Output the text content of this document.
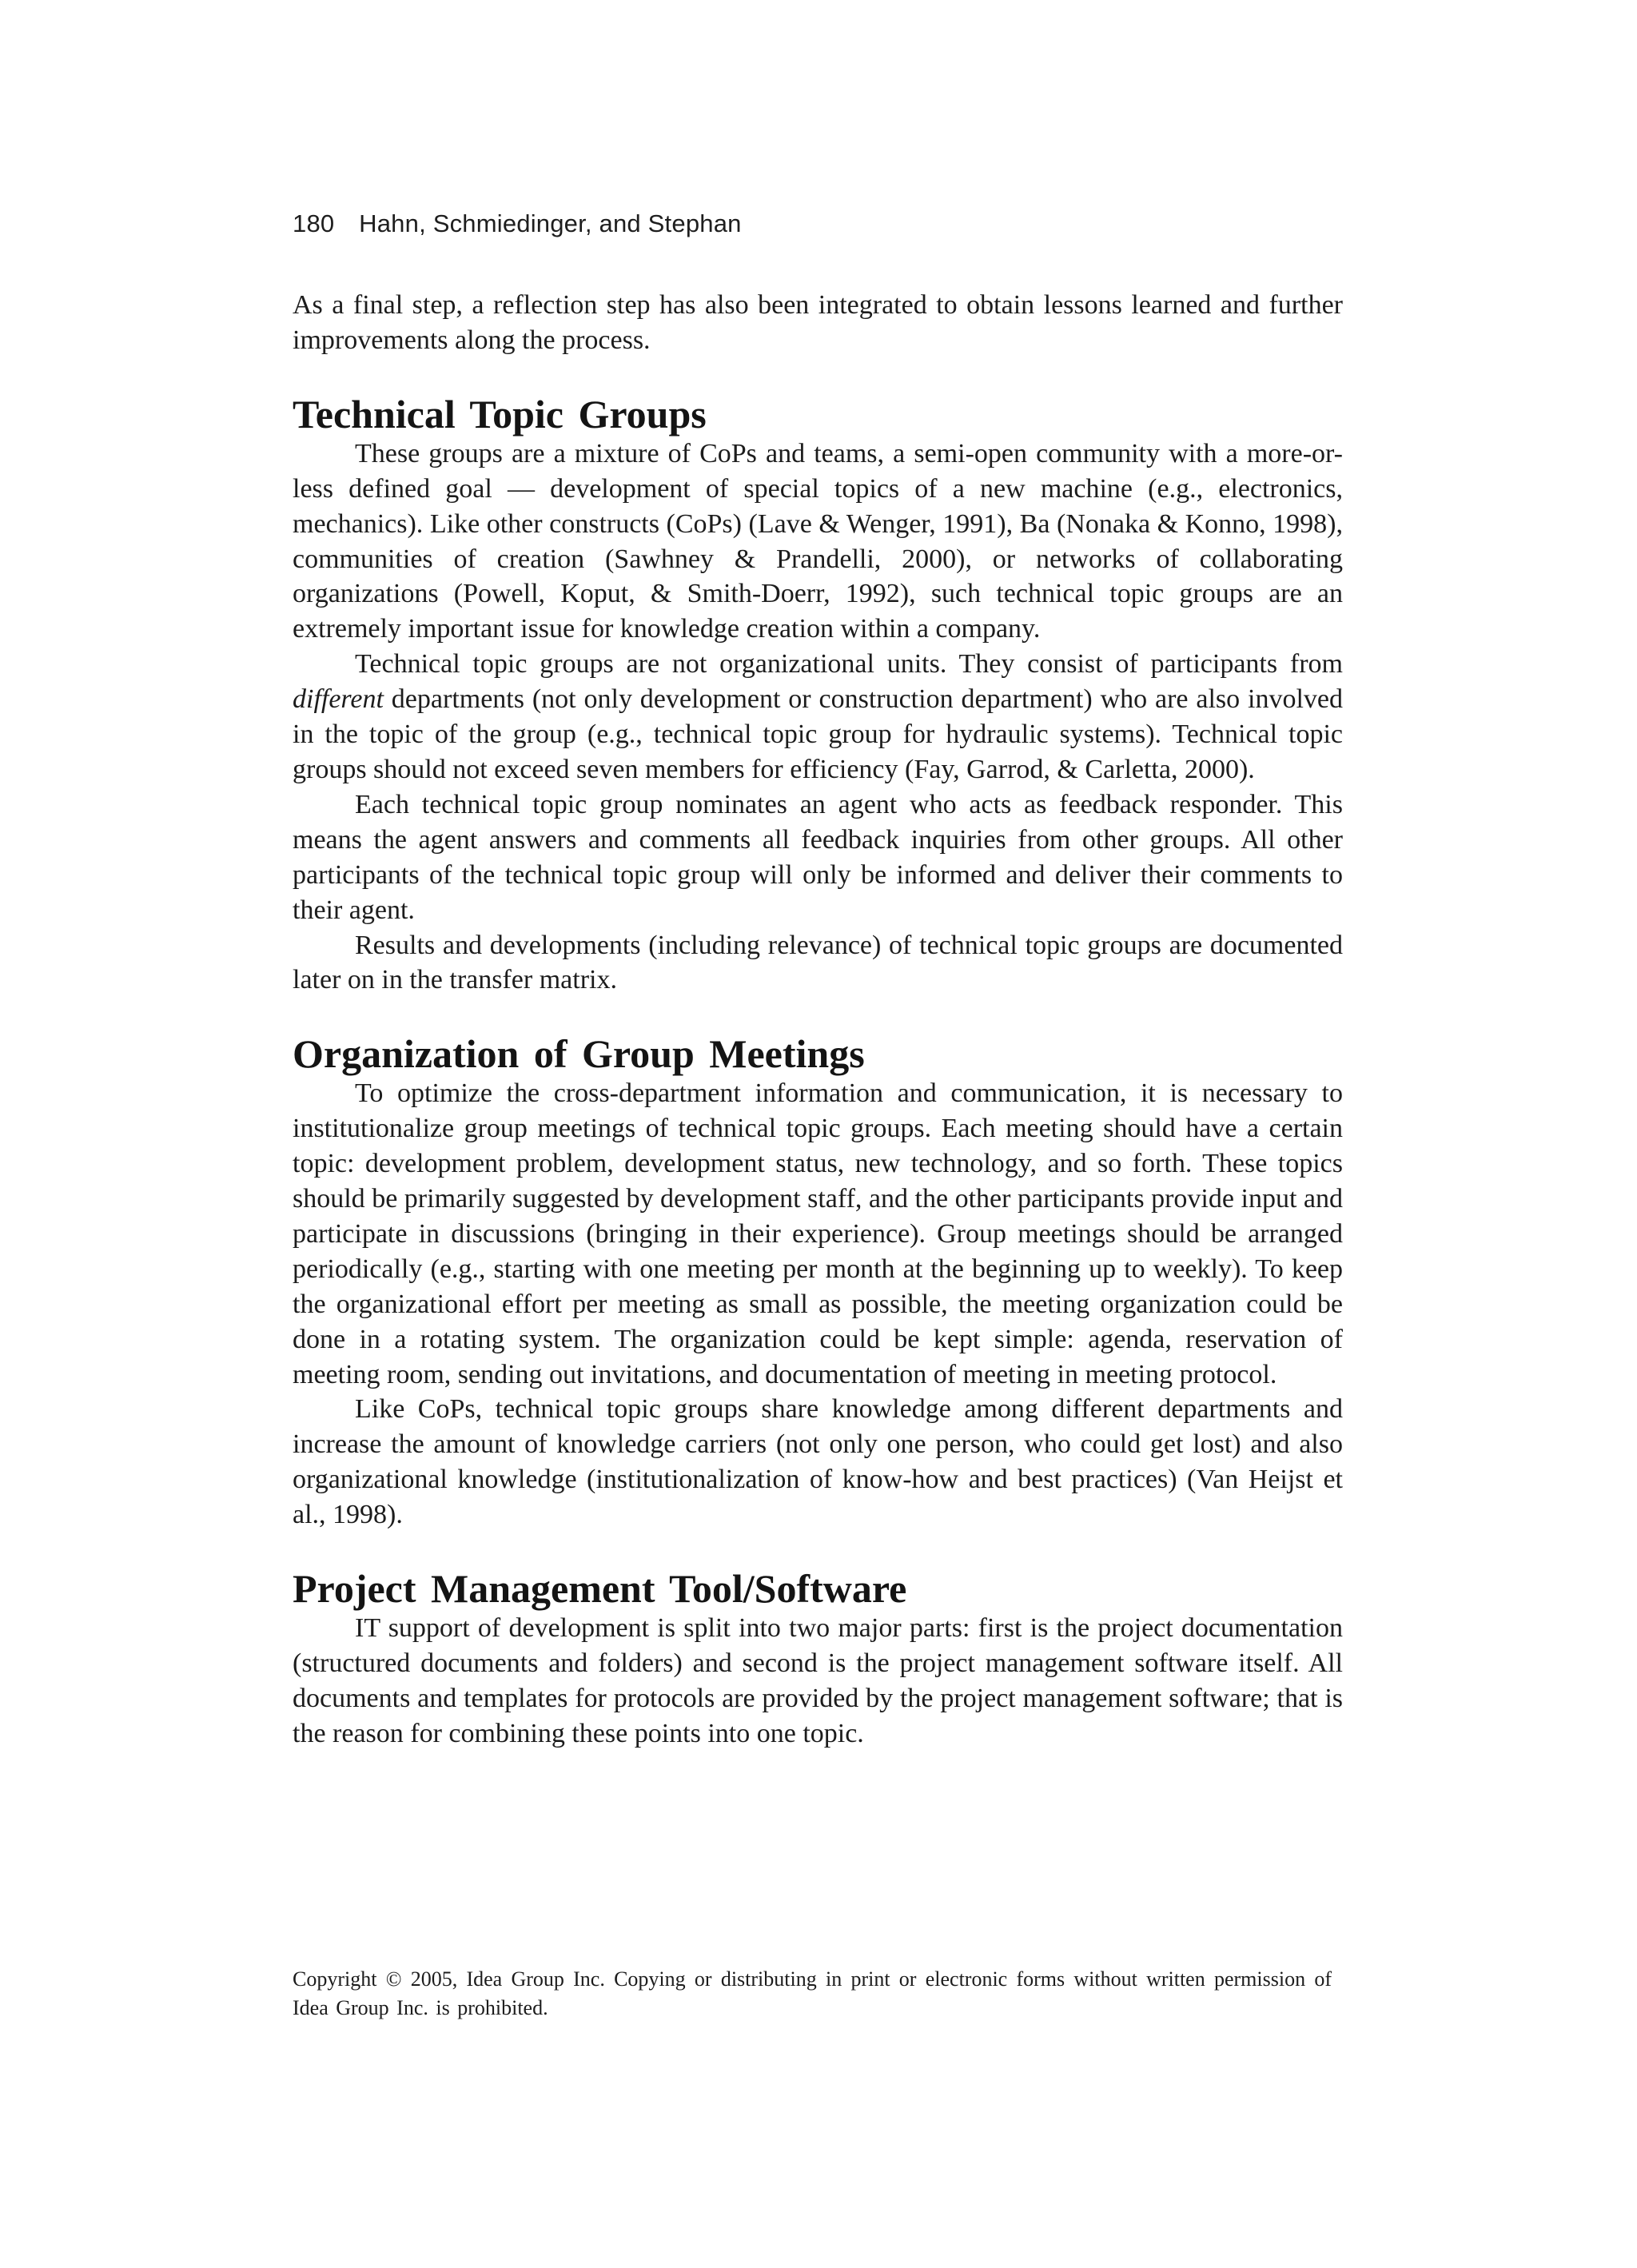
180 Hahn, Schmiedinger, and Stephan

As a final step, a reflection step has also been integrated to obtain lessons learned and further improvements along the process.

Technical Topic Groups

These groups are a mixture of CoPs and teams, a semi-open community with a more-or-less defined goal — development of special topics of a new machine (e.g., electronics, mechanics). Like other constructs (CoPs) (Lave & Wenger, 1991), Ba (Nonaka & Konno, 1998), communities of creation (Sawhney & Prandelli, 2000), or networks of collaborating organizations (Powell, Koput, & Smith-Doerr, 1992), such technical topic groups are an extremely important issue for knowledge creation within a company.

Technical topic groups are not organizational units. They consist of participants from different departments (not only development or construction department) who are also involved in the topic of the group (e.g., technical topic group for hydraulic systems). Technical topic groups should not exceed seven members for efficiency (Fay, Garrod, & Carletta, 2000).

Each technical topic group nominates an agent who acts as feedback responder. This means the agent answers and comments all feedback inquiries from other groups. All other participants of the technical topic group will only be informed and deliver their comments to their agent.

Results and developments (including relevance) of technical topic groups are documented later on in the transfer matrix.

Organization of Group Meetings

To optimize the cross-department information and communication, it is necessary to institutionalize group meetings of technical topic groups. Each meeting should have a certain topic: development problem, development status, new technology, and so forth. These topics should be primarily suggested by development staff, and the other participants provide input and participate in discussions (bringing in their experience). Group meetings should be arranged periodically (e.g., starting with one meeting per month at the beginning up to weekly). To keep the organizational effort per meeting as small as possible, the meeting organization could be done in a rotating system. The organization could be kept simple: agenda, reservation of meeting room, sending out invitations, and documentation of meeting in meeting protocol.

Like CoPs, technical topic groups share knowledge among different departments and increase the amount of knowledge carriers (not only one person, who could get lost) and also organizational knowledge (institutionalization of know-how and best practices) (Van Heijst et al., 1998).

Project Management Tool/Software

IT support of development is split into two major parts: first is the project documentation (structured documents and folders) and second is the project management software itself. All documents and templates for protocols are provided by the project management software; that is the reason for combining these points into one topic.

Copyright © 2005, Idea Group Inc. Copying or distributing in print or electronic forms without written permission of Idea Group Inc. is prohibited.
